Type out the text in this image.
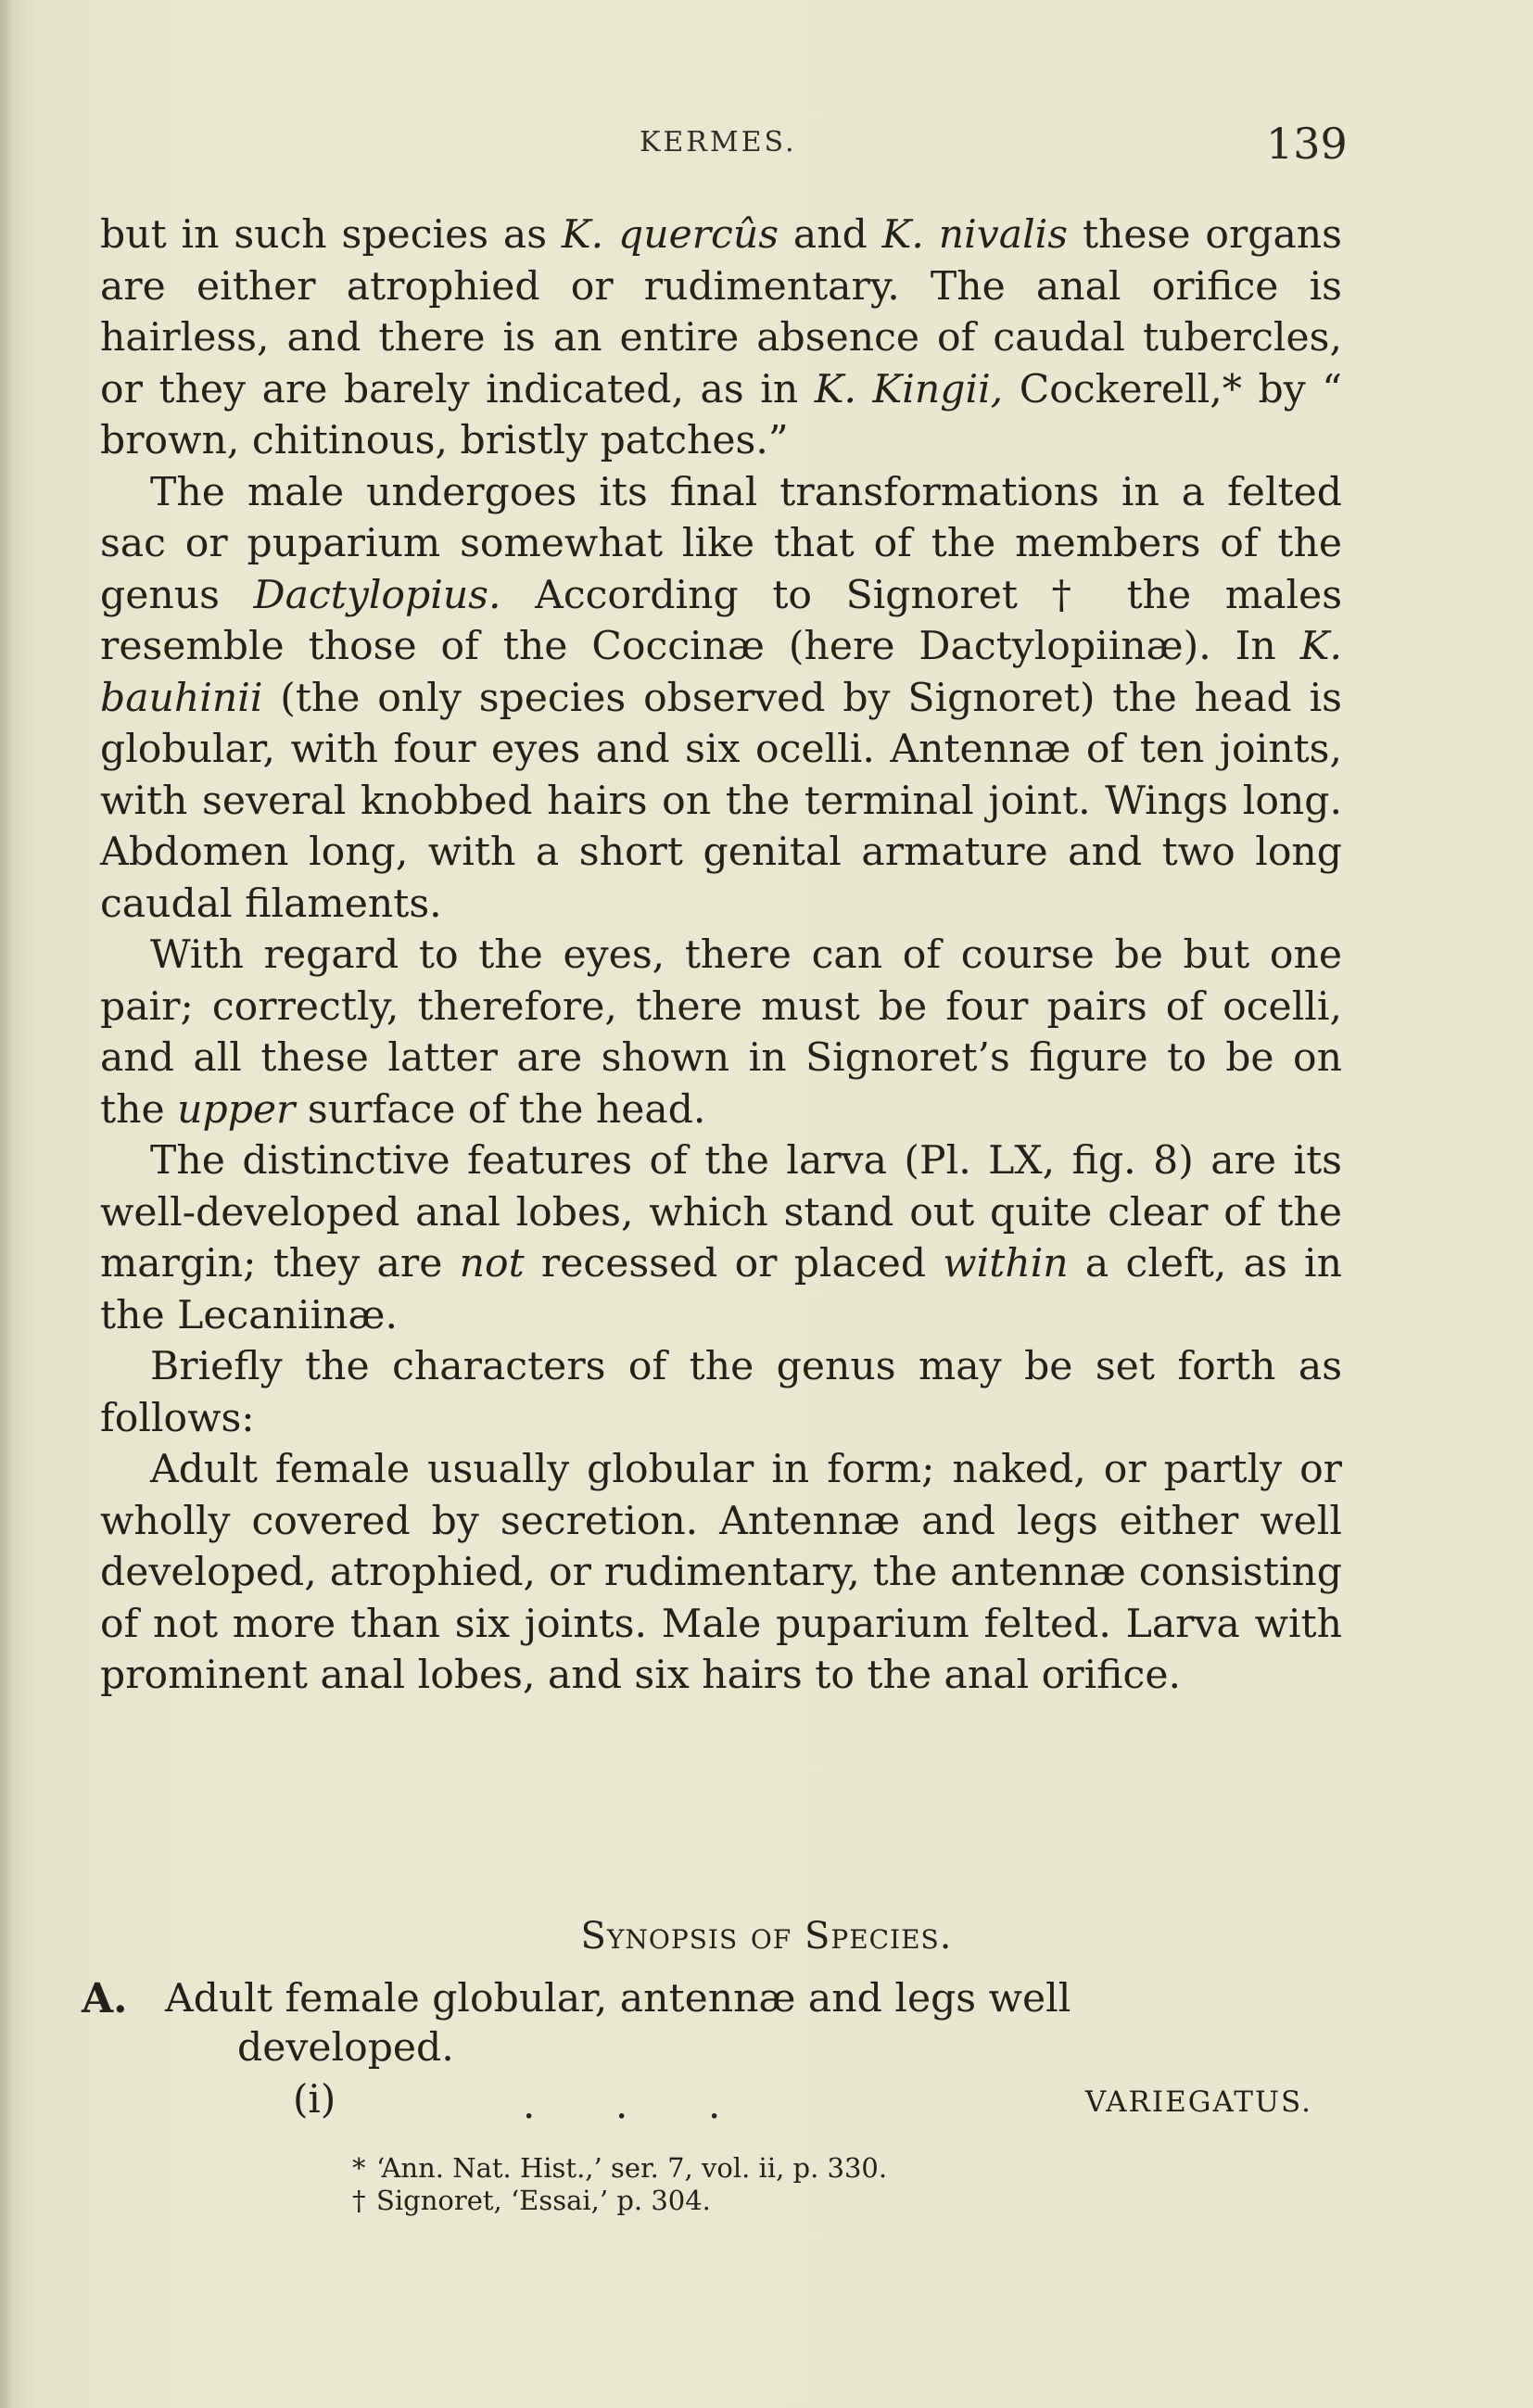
KERMES.	139

but in such species as K. quercûs and K. nivalis these organs are either atrophied or rudimentary. The anal orifice is hairless, and there is an entire absence of caudal tubercles, or they are barely indicated, as in K. Kingii, Cockerell,* by “ brown, chitinous, bristly patches.”

The male undergoes its final transformations in a felted sac or puparium somewhat like that of the members of the genus Dactylopius. According to Signoret † the males resemble those of the Coccinæ (here Dactylopiinæ). In K. bauhinii (the only species observed by Signoret) the head is globular, with four eyes and six ocelli. Antennæ of ten joints, with several knobbed hairs on the terminal joint. Wings long. Abdomen long, with a short genital armature and two long caudal filaments.

With regard to the eyes, there can of course be but one pair; correctly, therefore, there must be four pairs of ocelli, and all these latter are shown in Signoret’s figure to be on the upper surface of the head.

The distinctive features of the larva (Pl. LX, fig. 8) are its well-developed anal lobes, which stand out quite clear of the margin; they are not recessed or placed within a cleft, as in the Lecaniinæ.

Briefly the characters of the genus may be set forth as follows:

Adult female usually globular in form; naked, or partly or wholly covered by secretion. Antennæ and legs either well developed, atrophied, or rudimentary, the antennæ consisting of not more than six joints. Male puparium felted. Larva with prominent anal lobes, and six hairs to the anal orifice.

Synopsis of Species.
A. Adult female globular, antennæ and legs well
developed.
(i)	. . .	VARIEGATUS.
* ‘Ann. Nat. Hist.,’ ser. 7, vol. ii, p. 330.
† Signoret, ‘Essai,’ p. 304.
